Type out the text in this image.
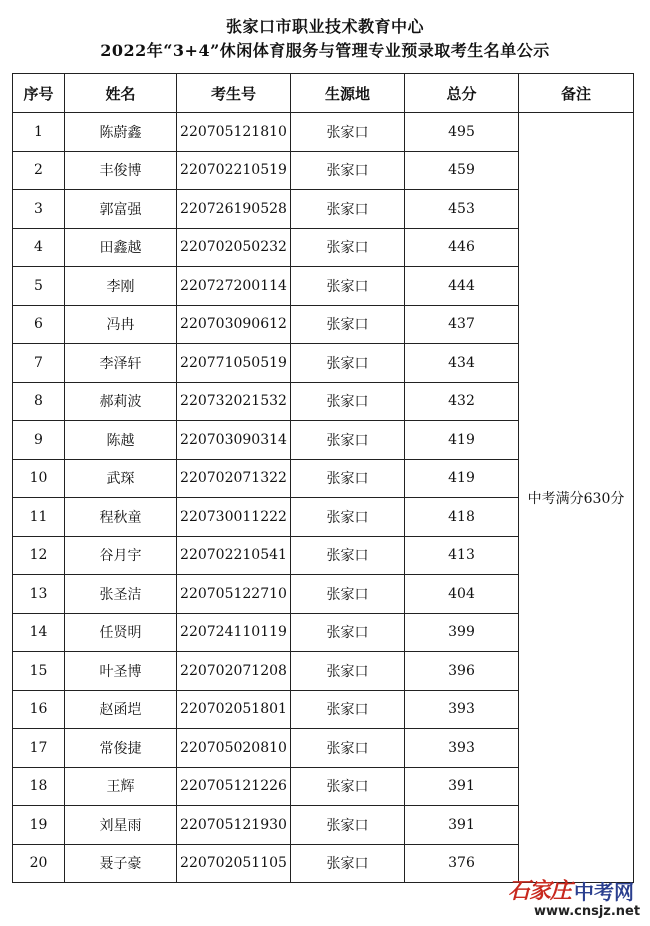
张家口市职业技术教育中心
2022年“3+4”休闲体育服务与管理专业预录取考生名单公示
序号	姓名	考生号	生源地	总分	备注
1	陈蔚鑫	220705121810	张家口	495	中考满分630分
2	丰俊博	220702210519	张家口	459	
3	郭富强	220726190528	张家口	453	
4	田鑫越	220702050232	张家口	446	
5	李刚	220727200114	张家口	444	
6	冯冉	220703090612	张家口	437	
7	李泽轩	220771050519	张家口	434	
8	郝莉波	220732021532	张家口	432	
9	陈越	220703090314	张家口	419	
10	武琛	220702071322	张家口	419	
11	程秋童	220730011222	张家口	418	
12	谷月宇	220702210541	张家口	413	
13	张圣洁	220705122710	张家口	404	
14	任贤明	220724110119	张家口	399	
15	叶圣博	220702071208	张家口	396	
16	赵函垲	220702051801	张家口	393	
17	常俊捷	220705020810	张家口	393	
18	王辉	220705121226	张家口	391	
19	刘星雨	220705121930	张家口	391	
20	聂子豪	220702051105	张家口	376	
石家庄 中考网
www.cnsjz.net
